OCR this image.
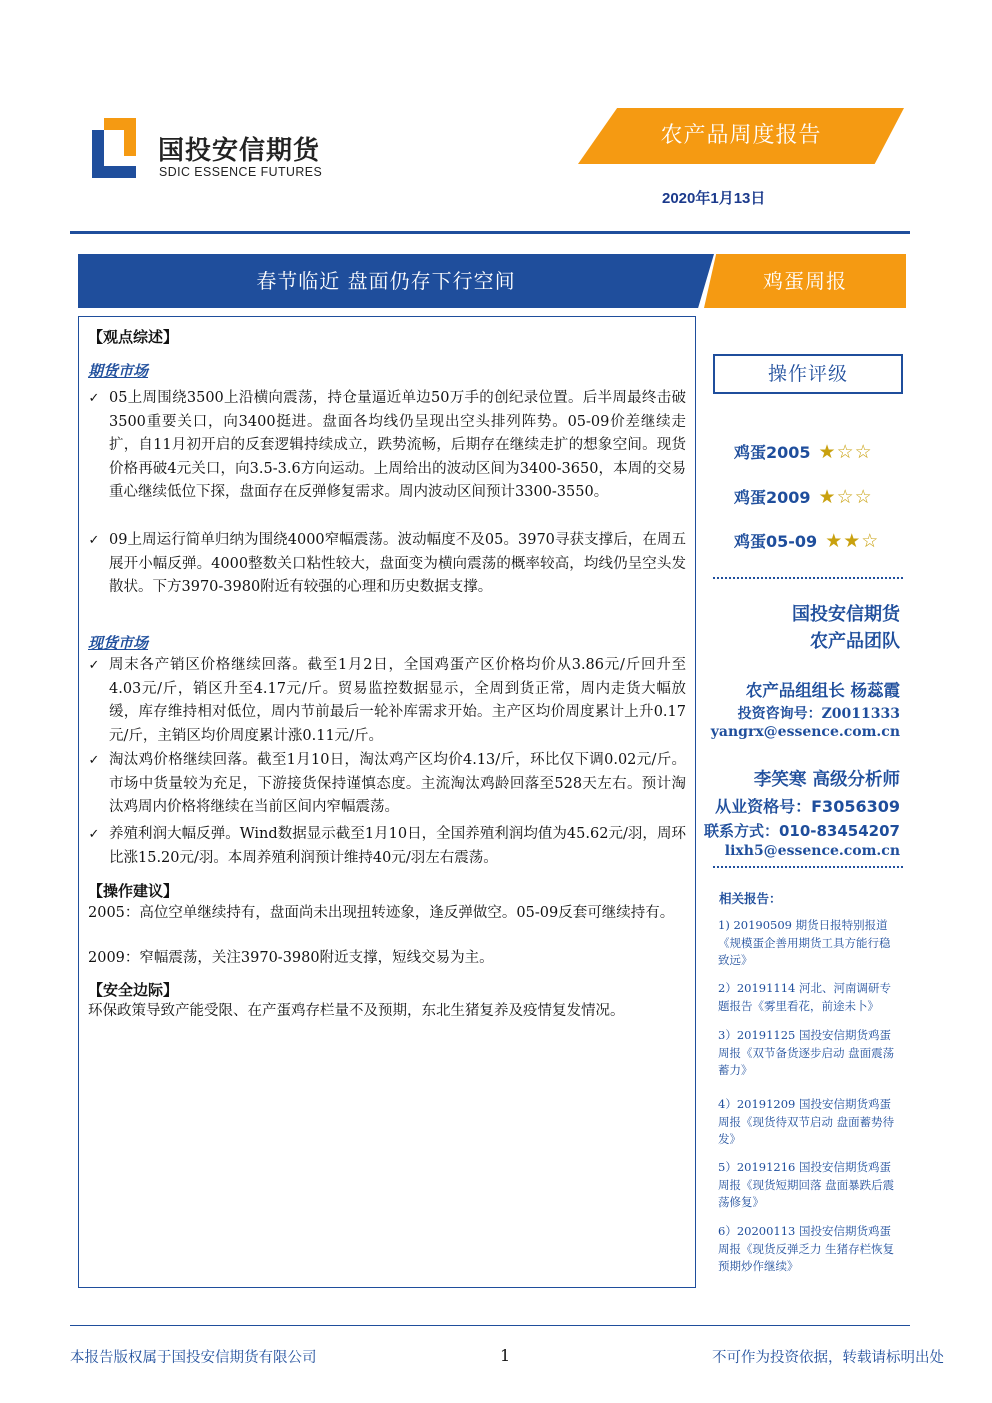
国投安信期货
SDIC ESSENCE FUTURES
农产品周度报告
2020年1月13日
春节临近 盘面仍存下行空间	鸡蛋周报
【观点综述】
期货市场
✓ 05上周围绕3500上沿横向震荡，持仓量逼近单边50万手的创纪录位置。后半周最终击破3500重要关口，向3400挺进。盘面各均线仍呈现出空头排列阵势。05-09价差继续走扩，自11月初开启的反套逻辑持续成立，跌势流畅，后期存在继续走扩的想象空间。现货价格再破4元关口，向3.5-3.6方向运动。上周给出的波动区间为3400-3650，本周的交易重心继续低位下探，盘面存在反弹修复需求。周内波动区间预计3300-3550。
✓ 09上周运行简单归纳为围绕4000窄幅震荡。波动幅度不及05。3970寻获支撑后，在周五展开小幅反弹。4000整数关口粘性较大，盘面变为横向震荡的概率较高，均线仍呈空头发散状。下方3970-3980附近有较强的心理和历史数据支撑。
现货市场
✓ 周末各产销区价格继续回落。截至1月2日，全国鸡蛋产区价格均价从3.86元/斤回升至4.03元/斤，销区升至4.17元/斤。贸易监控数据显示，全周到货正常，周内走货大幅放缓，库存维持相对低位，周内节前最后一轮补库需求开始。主产区均价周度累计上升0.17元/斤，主销区均价周度累计涨0.11元/斤。
✓ 淘汰鸡价格继续回落。截至1月10日，淘汰鸡产区均价4.13/斤，环比仅下调0.02元/斤。市场中货量较为充足，下游接货保持谨慎态度。主流淘汰鸡龄回落至528天左右。预计淘汰鸡周内价格将继续在当前区间内窄幅震荡。
✓ 养殖利润大幅反弹。Wind数据显示截至1月10日，全国养殖利润均值为45.62元/羽，周环比涨15.20元/羽。本周养殖利润预计维持40元/羽左右震荡。
【操作建议】
2005：高位空单继续持有，盘面尚未出现扭转迹象，逢反弹做空。05-09反套可继续持有。
2009：窄幅震荡，关注3970-3980附近支撑，短线交易为主。
【安全边际】
环保政策导致产能受限、在产蛋鸡存栏量不及预期，东北生猪复养及疫情复发情况。
操作评级
鸡蛋2005 ★☆☆
鸡蛋2009 ★☆☆
鸡蛋05-09 ★★☆
国投安信期货
农产品团队
农产品组组长 杨蕊霞
投资咨询号：Z0011333
yangrx@essence.com.cn
李笑寒 高级分析师
从业资格号：F3056309
联系方式：010-83454207
lixh5@essence.com.cn
相关报告：
1) 20190509 期货日报特别报道《规模蛋企善用期货工具方能行稳致远》
2）20191114 河北、河南调研专题报告《雾里看花，前途未卜》
3）20191125 国投安信期货鸡蛋周报《双节备货逐步启动 盘面震荡蓄力》
4）20191209 国投安信期货鸡蛋周报《现货待双节启动 盘面蓄势待发》
5）20191216 国投安信期货鸡蛋周报《现货短期回落 盘面暴跌后震荡修复》
6）20200113 国投安信期货鸡蛋周报《现货反弹乏力 生猪存栏恢复预期炒作继续》
本报告版权属于国投安信期货有限公司	1	不可作为投资依据，转载请标明出处
